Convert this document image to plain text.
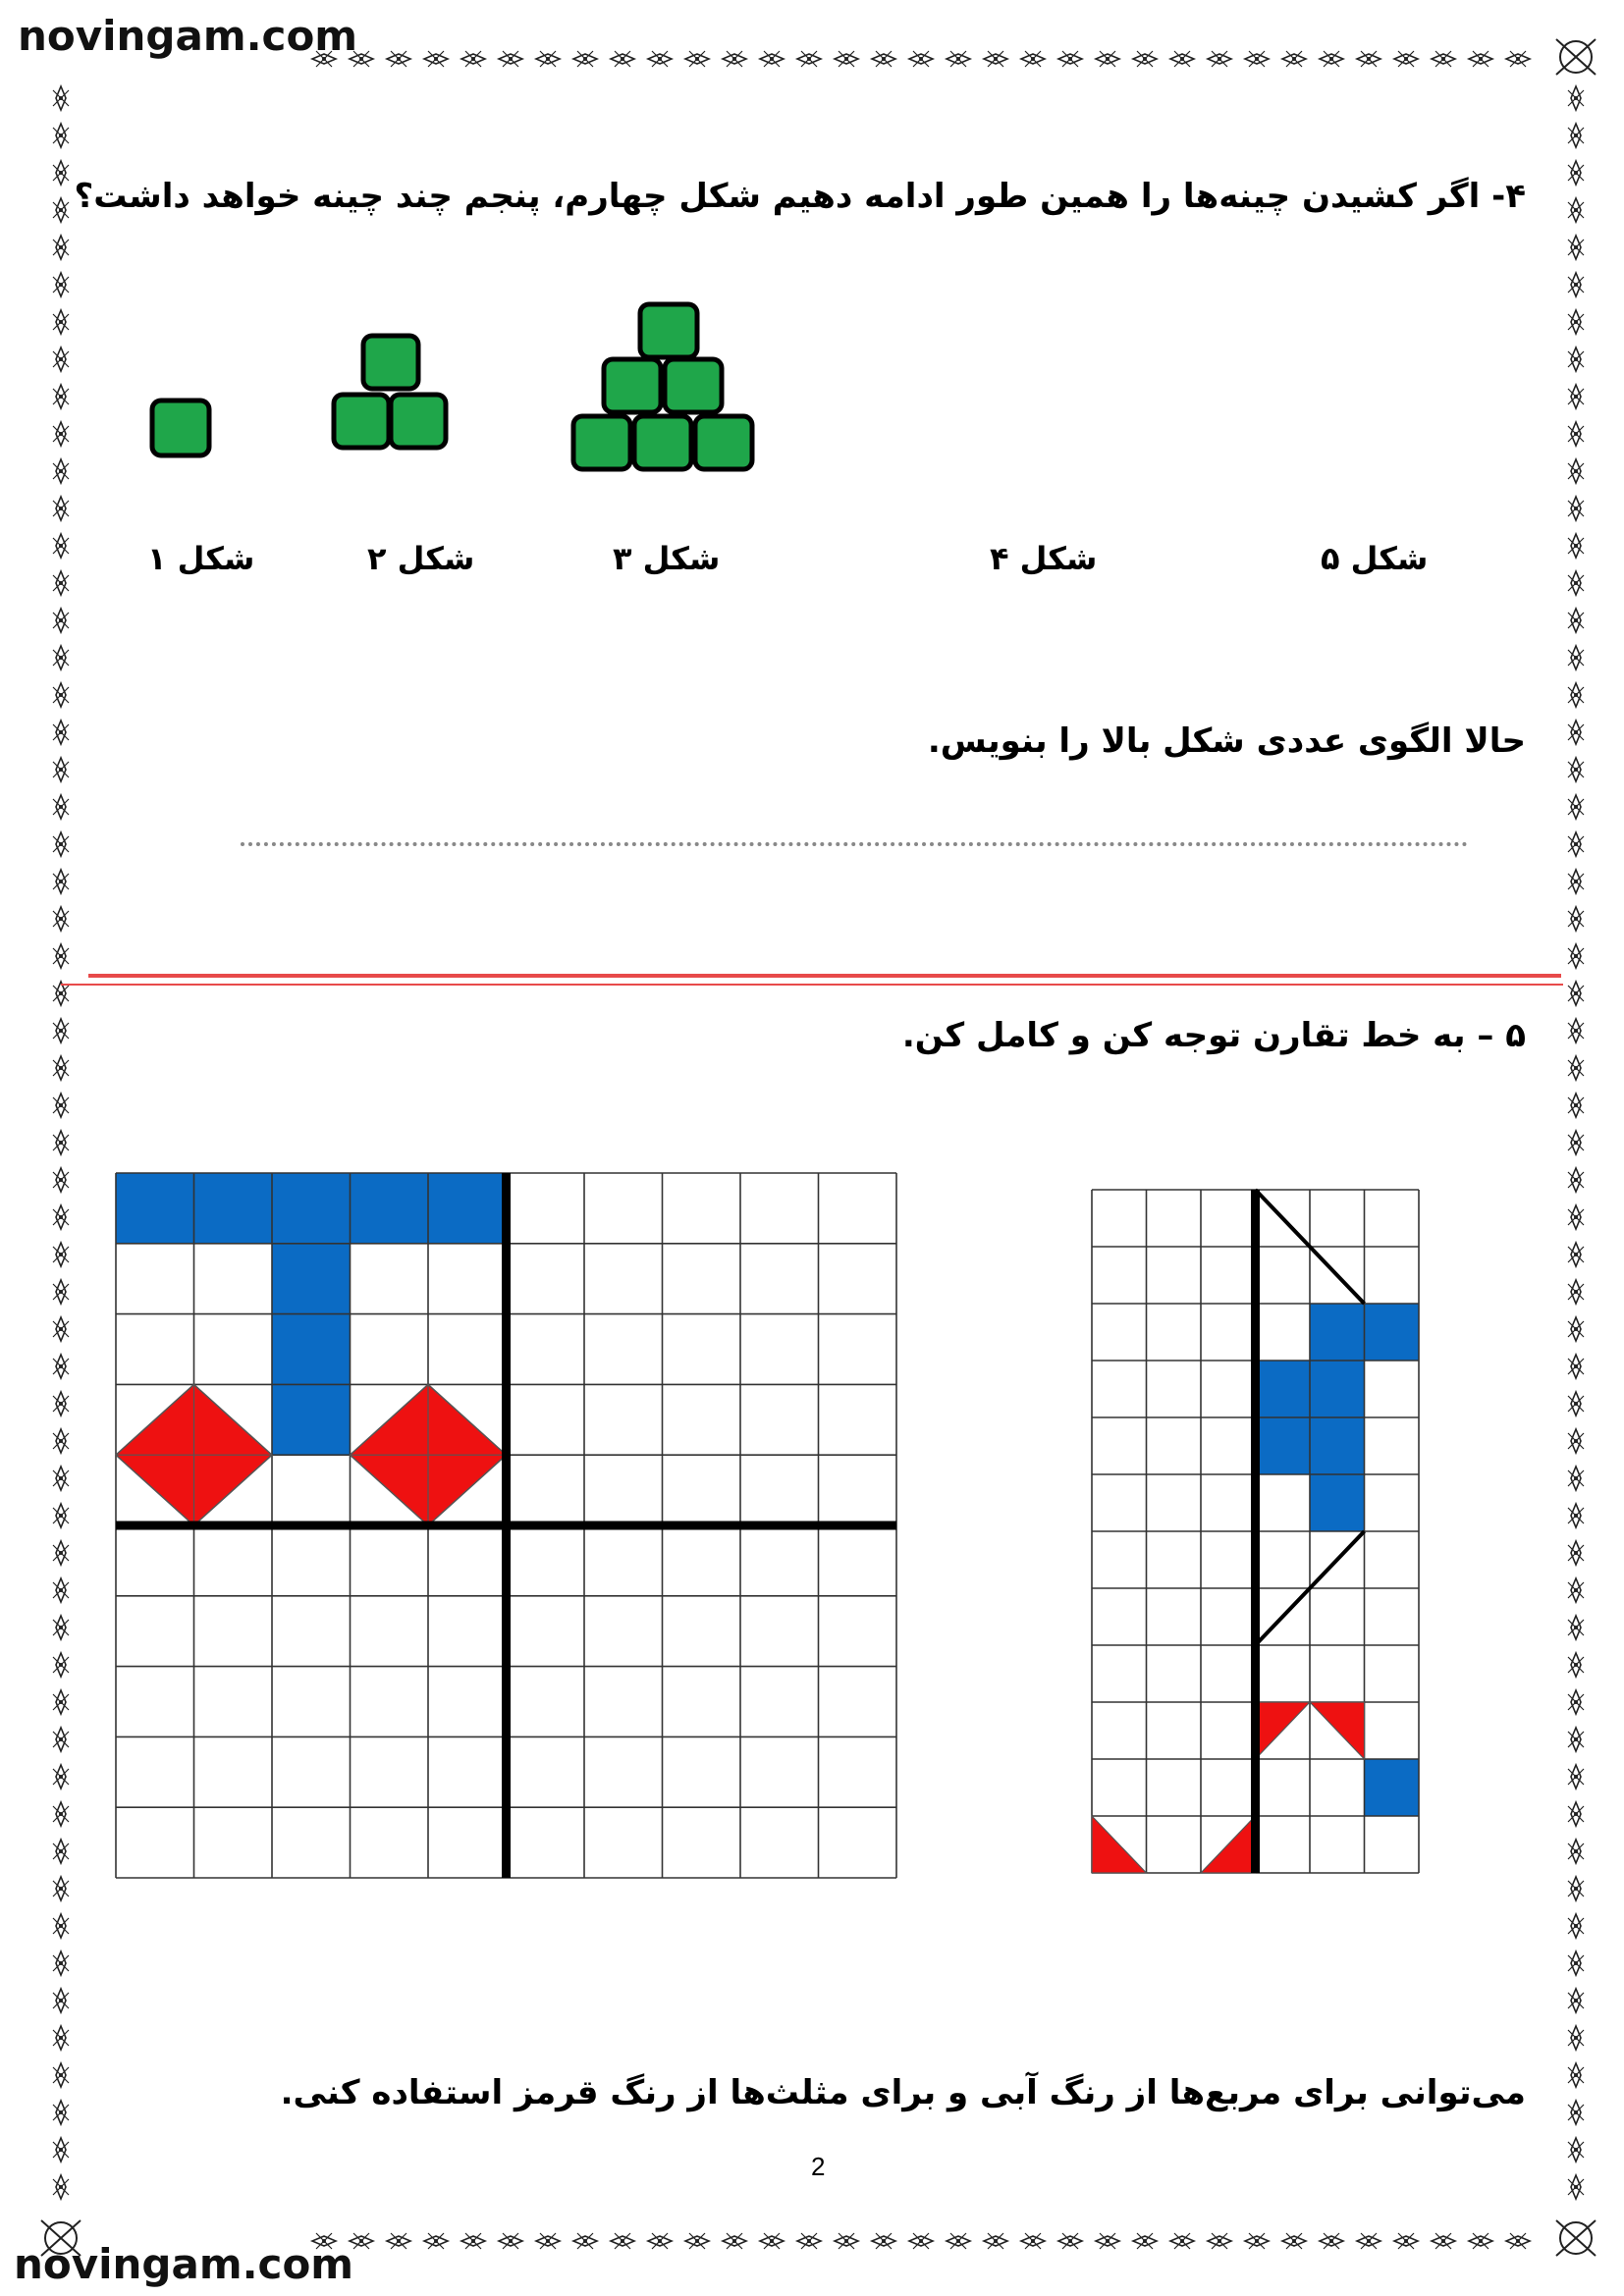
novingam.com
novingam.com
۴- اگر کشیدن چینه‌ها را همین طور ادامه دهیم شکل چهارم، پنجم چند چینه خواهد داشت؟
شکل ۱	شکل ۲	شکل ۳	شکل ۴	شکل ۵
حالا الگوی عددی شکل بالا را بنویس.
۵ – به خط تقارن توجه کن و کامل کن.
می‌توانی برای مربع‌ها از رنگ آبی و برای مثلث‌ها از رنگ قرمز استفاده کنی.
2
